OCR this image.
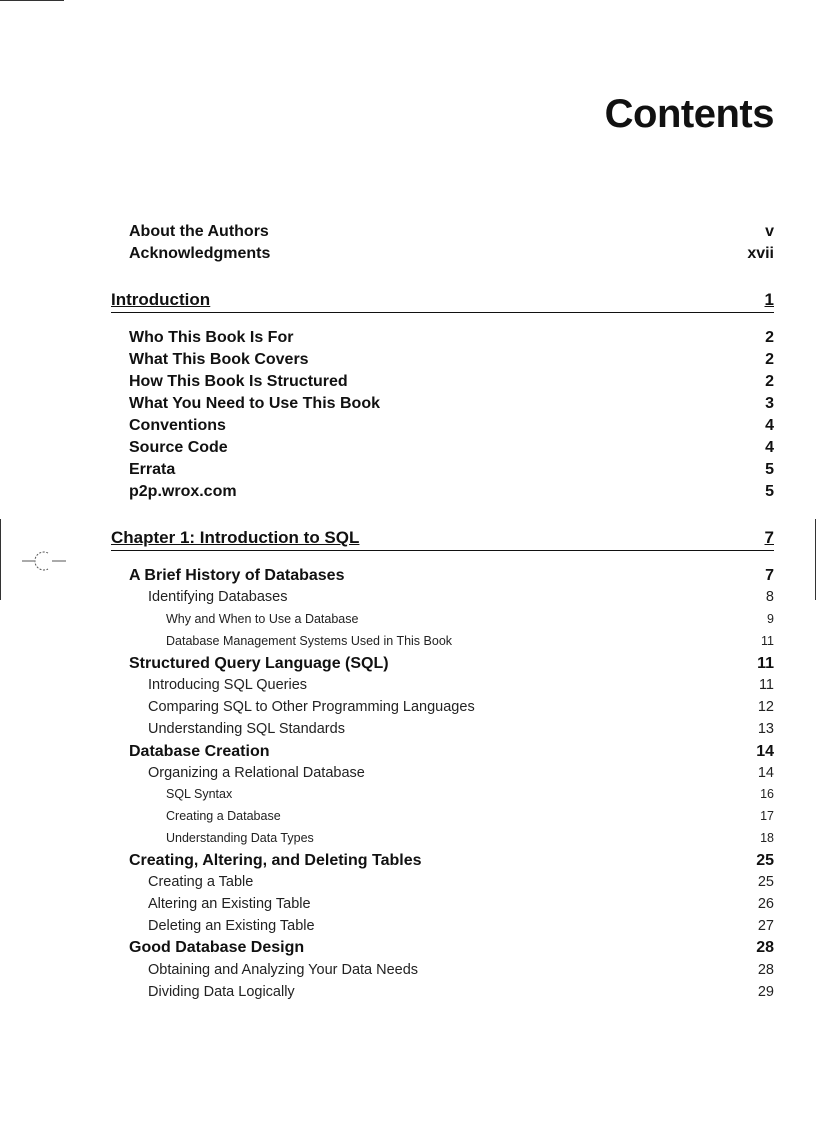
Contents
About the Authors	v
Acknowledgments	xvii
Introduction	1
Who This Book Is For	2
What This Book Covers	2
How This Book Is Structured	2
What You Need to Use This Book	3
Conventions	4
Source Code	4
Errata	5
p2p.wrox.com	5
Chapter 1: Introduction to SQL	7
A Brief History of Databases	7
Identifying Databases	8
Why and When to Use a Database	9
Database Management Systems Used in This Book	11
Structured Query Language (SQL)	11
Introducing SQL Queries	11
Comparing SQL to Other Programming Languages	12
Understanding SQL Standards	13
Database Creation	14
Organizing a Relational Database	14
SQL Syntax	16
Creating a Database	17
Understanding Data Types	18
Creating, Altering, and Deleting Tables	25
Creating a Table	25
Altering an Existing Table	26
Deleting an Existing Table	27
Good Database Design	28
Obtaining and Analyzing Your Data Needs	28
Dividing Data Logically	29
